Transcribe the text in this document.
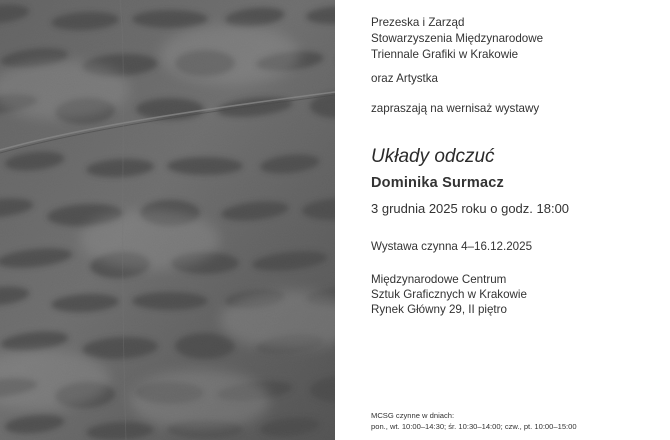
Prezeska i Zarząd
Stowarzyszenia Międzynarodowe
Triennale Grafiki w Krakowie
oraz Artystka
zapraszają na wernisaż wystawy
Układy odczuć
Dominika Surmacz
3 grudnia 2025 roku o godz. 18:00
Wystawa czynna 4–16.12.2025
Międzynarodowe Centrum
Sztuk Graficznych w Krakowie
Rynek Główny 29, II piętro
MCSG czynne w dniach:
pon., wt. 10:00–14:30; śr. 10:30–14:00; czw., pt. 10:00–15:00
